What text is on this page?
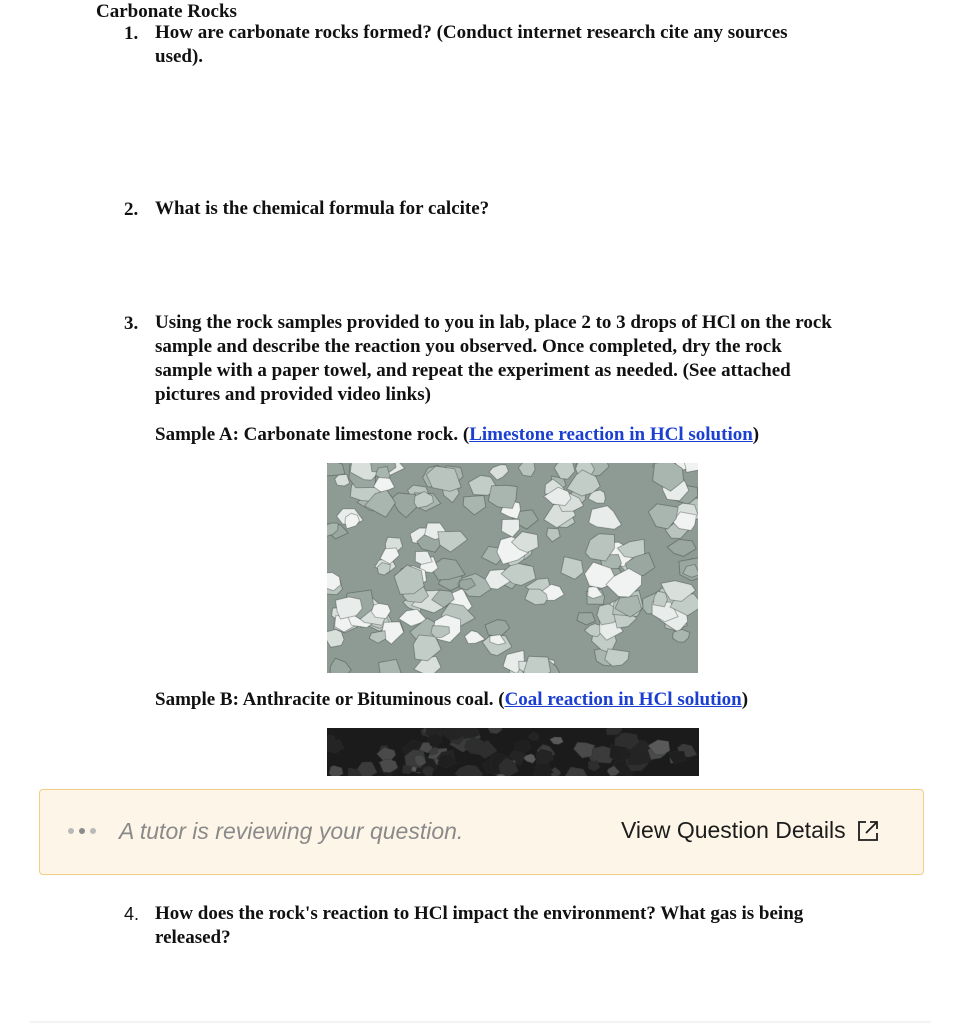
Carbonate Rocks
1. How are carbonate rocks formed? (Conduct internet research cite any sources
used).
2. What is the chemical formula for calcite?
3. Using the rock samples provided to you in lab, place 2 to 3 drops of HCl on the rock
sample and describe the reaction you observed. Once completed, dry the rock
sample with a paper towel, and repeat the experiment as needed. (See attached
pictures and provided video links)
Sample A: Carbonate limestone rock. (Limestone reaction in HCl solution)
Sample B: Anthracite or Bituminous coal. (Coal reaction in HCl solution)
4. How does the rock's reaction to HCl impact the environment? What gas is being
released?
A tutor is reviewing your question.	View Question Details
